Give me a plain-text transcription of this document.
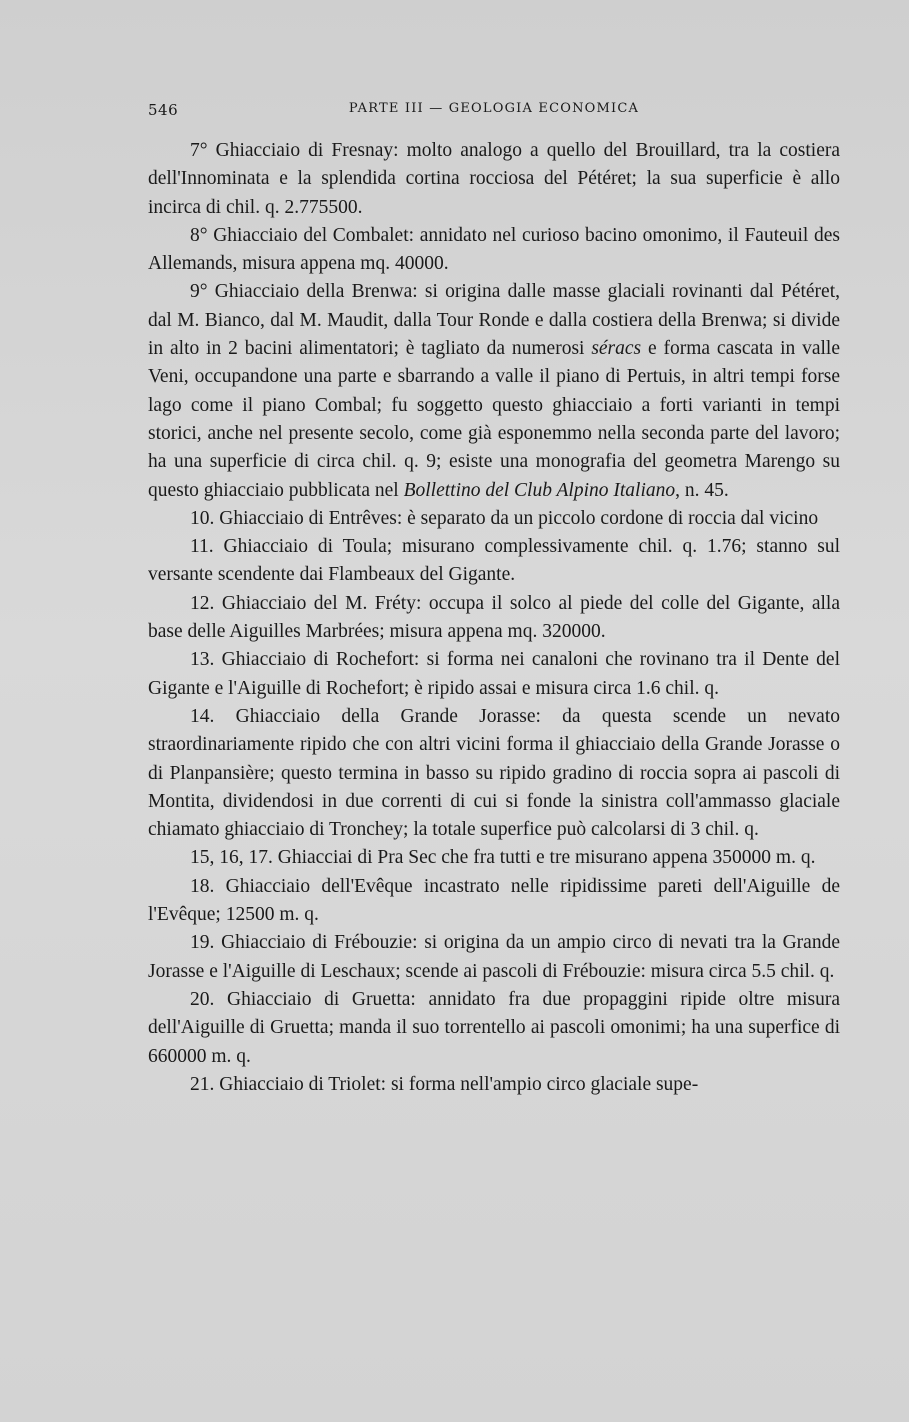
546	PARTE III — GEOLOGIA ECONOMICA

7° Ghiacciaio di Fresnay: molto analogo a quello del Brouillard, tra la costiera dell'Innominata e la splendida cortina rocciosa del Pétéret; la sua superficie è allo incirca di chil. q. 2.775500.

8° Ghiacciaio del Combalet: annidato nel curioso bacino omonimo, il Fauteuil des Allemands, misura appena mq. 40000.

9° Ghiacciaio della Brenwa: si origina dalle masse glaciali rovinanti dal Pétéret, dal M. Bianco, dal M. Maudit, dalla Tour Ronde e dalla costiera della Brenwa; si divide in alto in 2 bacini alimentatori; è tagliato da numerosi séracs e forma cascata in valle Veni, occupandone una parte e sbarrando a valle il piano di Pertuis, in altri tempi forse lago come il piano Combal; fu soggetto questo ghiacciaio a forti varianti in tempi storici, anche nel presente secolo, come già esponemmo nella seconda parte del lavoro; ha una superficie di circa chil. q. 9; esiste una monografia del geometra Marengo su questo ghiacciaio pubblicata nel Bollettino del Club Alpino Italiano, n. 45.

10. Ghiacciaio di Entrêves: è separato da un piccolo cordone di roccia dal vicino

11. Ghiacciaio di Toula; misurano complessivamente chil. q. 1.76; stanno sul versante scendente dai Flambeaux del Gigante.

12. Ghiacciaio del M. Fréty: occupa il solco al piede del colle del Gigante, alla base delle Aiguilles Marbrées; misura appena mq. 320000.

13. Ghiacciaio di Rochefort: si forma nei canaloni che rovinano tra il Dente del Gigante e l'Aiguille di Rochefort; è ripido assai e misura circa 1.6 chil. q.

14. Ghiacciaio della Grande Jorasse: da questa scende un nevato straordinariamente ripido che con altri vicini forma il ghiacciaio della Grande Jorasse o di Planpansière; questo termina in basso su ripido gradino di roccia sopra ai pascoli di Montita, dividendosi in due correnti di cui si fonde la sinistra coll'ammasso glaciale chiamato ghiacciaio di Tronchey; la totale superfice può calcolarsi di 3 chil. q.

15, 16, 17. Ghiacciai di Pra Sec che fra tutti e tre misurano appena 350000 m. q.

18. Ghiacciaio dell'Evêque incastrato nelle ripidissime pareti dell'Aiguille de l'Evêque; 12500 m. q.

19. Ghiacciaio di Frébouzie: si origina da un ampio circo di nevati tra la Grande Jorasse e l'Aiguille di Leschaux; scende ai pascoli di Frébouzie: misura circa 5.5 chil. q.

20. Ghiacciaio di Gruetta: annidato fra due propaggini ripide oltre misura dell'Aiguille di Gruetta; manda il suo torrentello ai pascoli omonimi; ha una superfice di 660000 m. q.

21. Ghiacciaio di Triolet: si forma nell'ampio circo glaciale supe-
